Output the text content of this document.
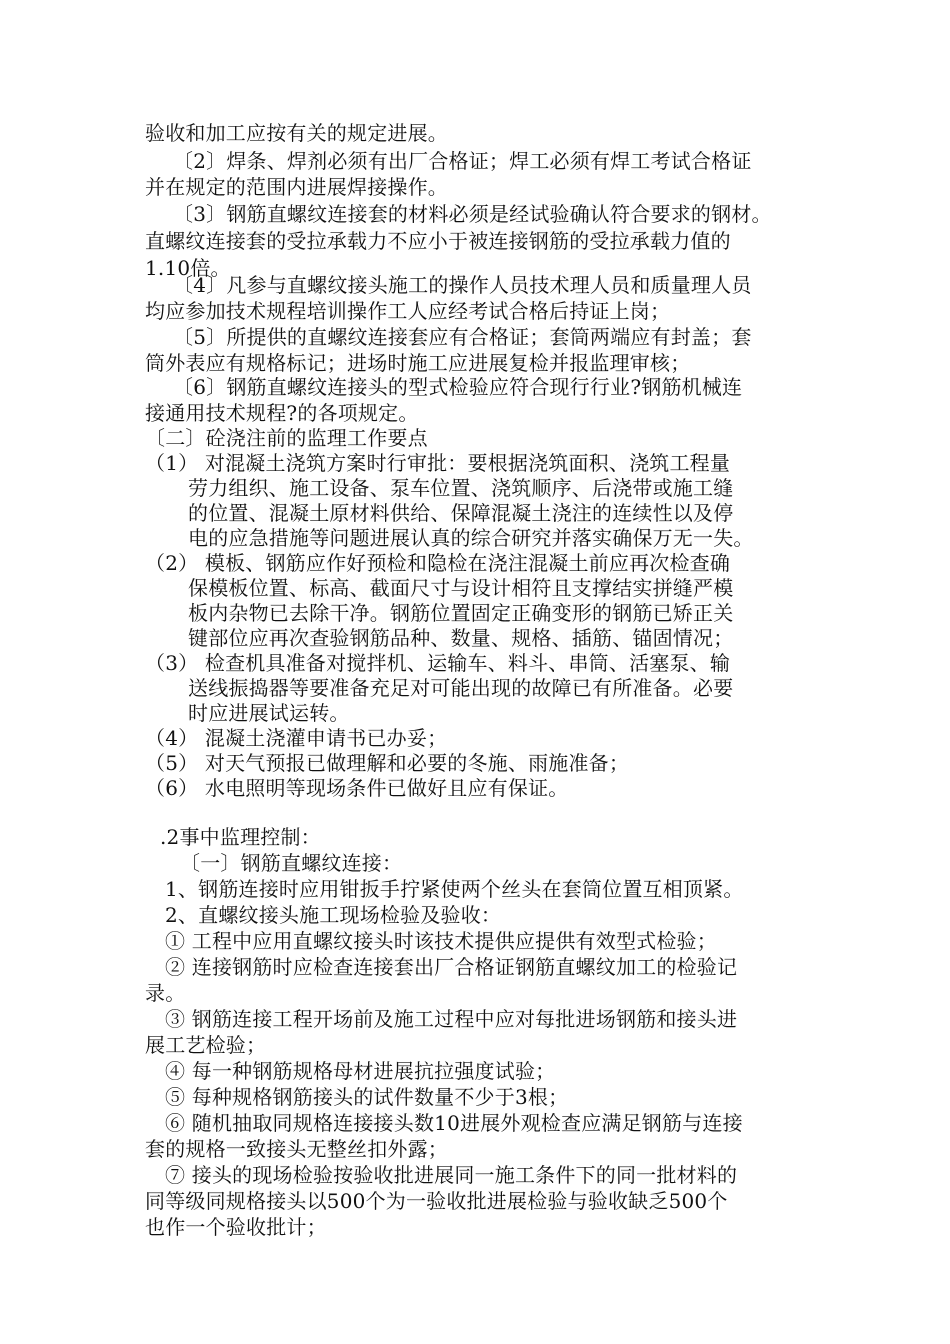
验收和加工应按有关的规定进展。
〔2〕焊条、焊剂必须有出厂合格证；焊工必须有焊工考试合格证
并在规定的范围内进展焊接操作。
〔3〕钢筋直螺纹连接套的材料必须是经试验确认符合要求的钢材。
直螺纹连接套的受拉承载力不应小于被连接钢筋的受拉承载力值的
1.10倍。
〔4〕凡参与直螺纹接头施工的操作人员技术理人员和质量理人员
均应参加技术规程培训操作工人应经考试合格后持证上岗；
〔5〕所提供的直螺纹连接套应有合格证；套筒两端应有封盖；套
筒外表应有规格标记；进场时施工应进展复检并报监理审核；
〔6〕钢筋直螺纹连接头的型式检验应符合现行行业?钢筋机械连
接通用技术规程?的各项规定。
〔二〕砼浇注前的监理工作要点
（1） 对混凝土浇筑方案时行审批：要根据浇筑面积、浇筑工程量
劳力组织、施工设备、泵车位置、浇筑顺序、后浇带或施工缝
的位置、混凝土原材料供给、保障混凝土浇注的连续性以及停
电的应急措施等问题进展认真的综合研究并落实确保万无一失。
（2） 模板、钢筋应作好预检和隐检在浇注混凝土前应再次检查确
保模板位置、标高、截面尺寸与设计相符且支撑结实拼缝严模
板内杂物已去除干净。钢筋位置固定正确变形的钢筋已矫正关
键部位应再次查验钢筋品种、数量、规格、插筋、锚固情况；
（3） 检查机具准备对搅拌机、运输车、料斗、串筒、活塞泵、输
送线振捣器等要准备充足对可能出现的故障已有所准备。必要
时应进展试运转。
（4） 混凝土浇灌申请书已办妥；
（5） 对天气预报已做理解和必要的冬施、雨施准备；
（6） 水电照明等现场条件已做好且应有保证。
.2事中监理控制：
〔一〕钢筋直螺纹连接：
1、钢筋连接时应用钳扳手拧紧使两个丝头在套筒位置互相顶紧。
2、直螺纹接头施工现场检验及验收：
① 工程中应用直螺纹接头时该技术提供应提供有效型式检验；
② 连接钢筋时应检查连接套出厂合格证钢筋直螺纹加工的检验记
录。
③ 钢筋连接工程开场前及施工过程中应对每批进场钢筋和接头进
展工艺检验；
④ 每一种钢筋规格母材进展抗拉强度试验；
⑤ 每种规格钢筋接头的试件数量不少于3根；
⑥ 随机抽取同规格连接接头数10进展外观检查应满足钢筋与连接
套的规格一致接头无整丝扣外露；
⑦ 接头的现场检验按验收批进展同一施工条件下的同一批材料的
同等级同规格接头以500个为一验收批进展检验与验收缺乏500个
也作一个验收批计；
